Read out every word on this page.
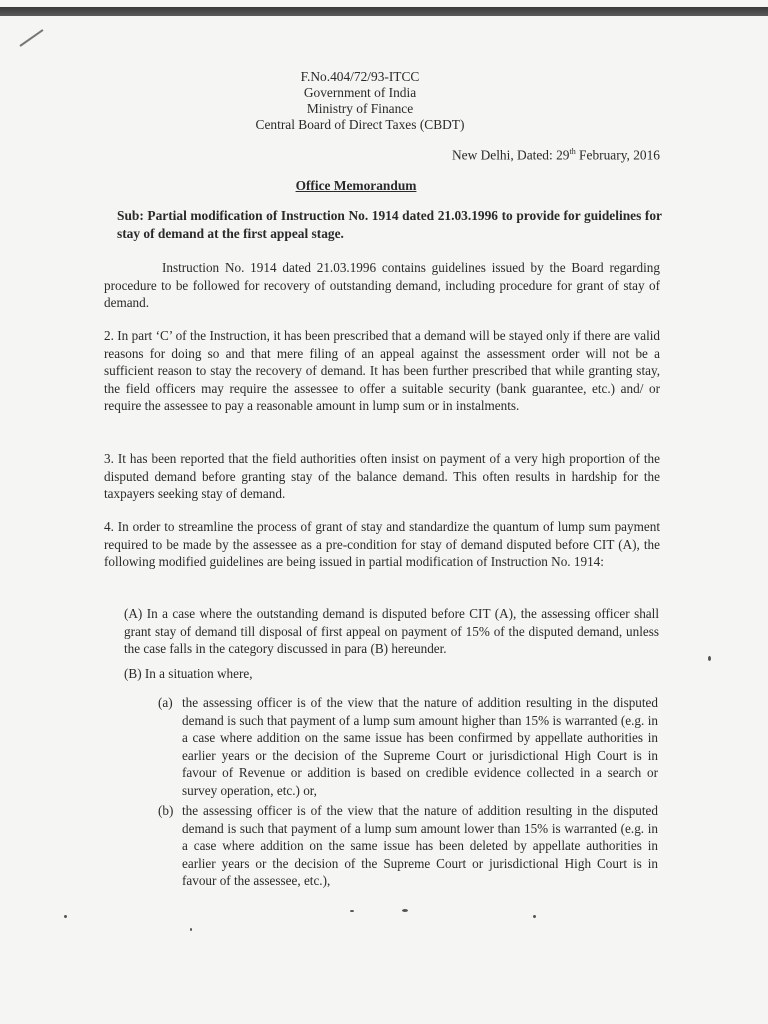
F.No.404/72/93-ITCC
Government of India
Ministry of Finance
Central Board of Direct Taxes (CBDT)
New Delhi, Dated: 29th February, 2016
Office Memorandum
Sub: Partial modification of Instruction No. 1914 dated 21.03.1996 to provide for guidelines for stay of demand at the first appeal stage.
Instruction No. 1914 dated 21.03.1996 contains guidelines issued by the Board regarding procedure to be followed for recovery of outstanding demand, including procedure for grant of stay of demand.
2. In part ‘C’ of the Instruction, it has been prescribed that a demand will be stayed only if there are valid reasons for doing so and that mere filing of an appeal against the assessment order will not be a sufficient reason to stay the recovery of demand. It has been further prescribed that while granting stay, the field officers may require the assessee to offer a suitable security (bank guarantee, etc.) and/ or require the assessee to pay a reasonable amount in lump sum or in instalments.
3. It has been reported that the field authorities often insist on payment of a very high proportion of the disputed demand before granting stay of the balance demand. This often results in hardship for the taxpayers seeking stay of demand.
4. In order to streamline the process of grant of stay and standardize the quantum of lump sum payment required to be made by the assessee as a pre-condition for stay of demand disputed before CIT (A), the following modified guidelines are being issued in partial modification of Instruction No. 1914:
(A) In a case where the outstanding demand is disputed before CIT (A), the assessing officer shall grant stay of demand till disposal of first appeal on payment of 15% of the disputed demand, unless the case falls in the category discussed in para (B) hereunder.
(B) In a situation where,
(a) the assessing officer is of the view that the nature of addition resulting in the disputed demand is such that payment of a lump sum amount higher than 15% is warranted (e.g. in a case where addition on the same issue has been confirmed by appellate authorities in earlier years or the decision of the Supreme Court or jurisdictional High Court is in favour of Revenue or addition is based on credible evidence collected in a search or survey operation, etc.) or,
(b) the assessing officer is of the view that the nature of addition resulting in the disputed demand is such that payment of a lump sum amount lower than 15% is warranted (e.g. in a case where addition on the same issue has been deleted by appellate authorities in earlier years or the decision of the Supreme Court or jurisdictional High Court is in favour of the assessee, etc.),
